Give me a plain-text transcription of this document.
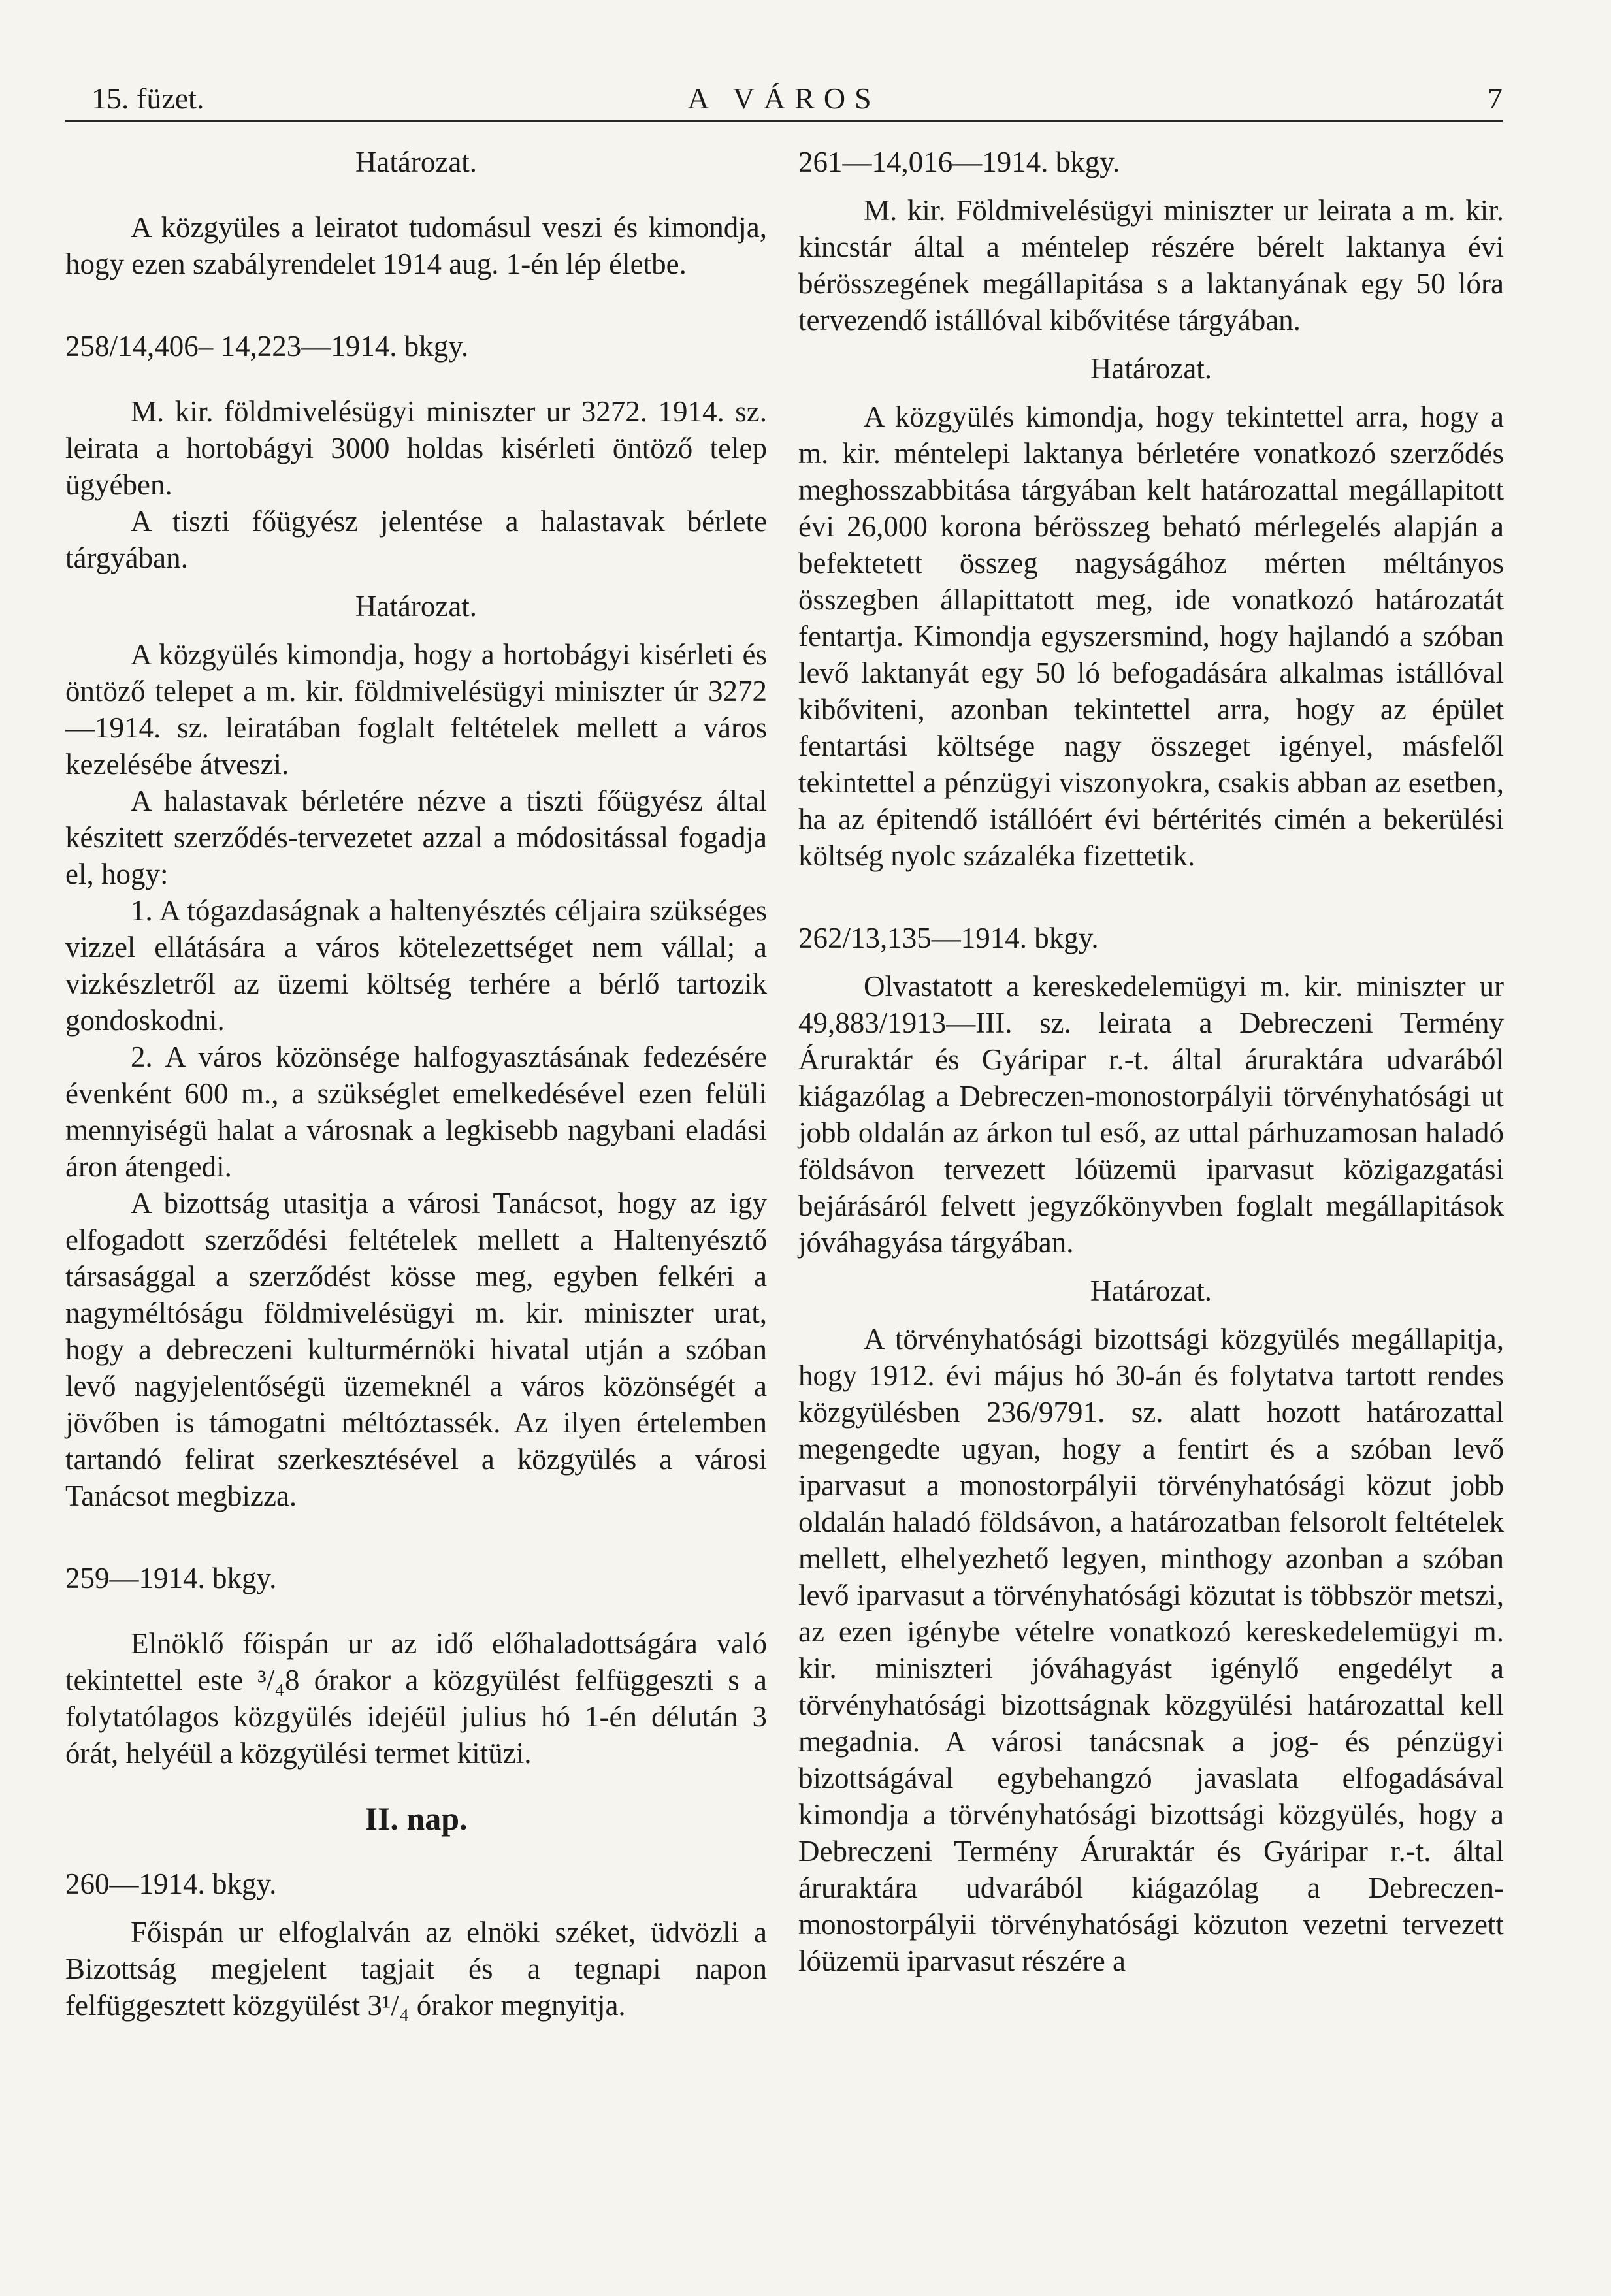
15. füzet.	A VÁROS	7

Határozat.

A közgyüles a leiratot tudomásul veszi és kimondja, hogy ezen szabályrendelet 1914 aug. 1-én lép életbe.

258/14,406– 14,223—1914. bkgy.

M. kir. földmivelésügyi miniszter ur 3272. 1914. sz. leirata a hortobágyi 3000 holdas kisérleti öntöző telep ügyében.

A tiszti főügyész jelentése a halastavak bérlete tárgyában.

Határozat.

A közgyülés kimondja, hogy a hortobágyi kisérleti és öntöző telepet a m. kir. földmivelésügyi miniszter úr 3272—1914. sz. leiratában foglalt feltételek mellett a város kezelésébe átveszi.

A halastavak bérletére nézve a tiszti főügyész által készitett szerződés-tervezetet azzal a módositással fogadja el, hogy:

1. A tógazdaságnak a haltenyésztés céljaira szükséges vizzel ellátására a város kötelezettséget nem vállal; a vizkészletről az üzemi költség terhére a bérlő tartozik gondoskodni.

2. A város közönsége halfogyasztásának fedezésére évenként 600 m., a szükséglet emelkedésével ezen felüli mennyiségü halat a városnak a legkisebb nagybani eladási áron átengedi.

A bizottság utasitja a városi Tanácsot, hogy az igy elfogadott szerződési feltételek mellett a Haltenyésztő társasággal a szerződést kösse meg, egyben felkéri a nagyméltóságu földmivelésügyi m. kir. miniszter urat, hogy a debreczeni kulturmérnöki hivatal utján a szóban levő nagyjelentőségü üzemeknél a város közönségét a jövőben is támogatni méltóztassék. Az ilyen értelemben tartandó felirat szerkesztésével a közgyülés a városi Tanácsot megbizza.

259—1914. bkgy.

Elnöklő főispán ur az idő előhaladottságára való tekintettel este ³/₄8 órakor a közgyülést felfüggeszti s a folytatólagos közgyülés idejéül julius hó 1-én délután 3 órát, helyéül a közgyülési termet kitüzi.

II. nap.

260—1914. bkgy.

Főispán ur elfoglalván az elnöki széket, üdvözli a Bizottság megjelent tagjait és a tegnapi napon felfüggesztett közgyülést 3¹/₄ órakor megnyitja.

261—14,016—1914. bkgy.

M. kir. Földmivelésügyi miniszter ur leirata a m. kir. kincstár által a méntelep részére bérelt laktanya évi bérösszegének megállapitása s a laktanyának egy 50 lóra tervezendő istállóval kibővitése tárgyában.

Határozat.

A közgyülés kimondja, hogy tekintettel arra, hogy a m. kir. méntelepi laktanya bérletére vonatkozó szerződés meghosszabbitása tárgyában kelt határozattal megállapitott évi 26,000 korona bérösszeg beható mérlegelés alapján a befektetett összeg nagyságához mérten méltányos összegben állapittatott meg, ide vonatkozó határozatát fentartja. Kimondja egyszersmind, hogy hajlandó a szóban levő laktanyát egy 50 ló befogadására alkalmas istállóval kibőviteni, azonban tekintettel arra, hogy az épület fentartási költsége nagy összeget igényel, másfelől tekintettel a pénzügyi viszonyokra, csakis abban az esetben, ha az épitendő istállóért évi bértérités cimén a bekerülési költség nyolc százaléka fizettetik.

262/13,135—1914. bkgy.

Olvastatott a kereskedelemügyi m. kir. miniszter ur 49,883/1913—III. sz. leirata a Debreczeni Termény Áruraktár és Gyáripar r.-t. által áruraktára udvarából kiágazólag a Debreczen-monostorpályii törvényhatósági ut jobb oldalán az árkon tul eső, az uttal párhuzamosan haladó földsávon tervezett lóüzemü iparvasut közigazgatási bejárásáról felvett jegyzőkönyvben foglalt megállapitások jóváhagyása tárgyában.

Határozat.

A törvényhatósági bizottsági közgyülés megállapitja, hogy 1912. évi május hó 30-án és folytatva tartott rendes közgyülésben 236/9791. sz. alatt hozott határozattal megengedte ugyan, hogy a fentirt és a szóban levő iparvasut a monostorpályii törvényhatósági közut jobb oldalán haladó földsávon, a határozatban felsorolt feltételek mellett, elhelyezhető legyen, minthogy azonban a szóban levő iparvasut a törvényhatósági közutat is többször metszi, az ezen igénybe vételre vonatkozó kereskedelemügyi m. kir. miniszteri jóváhagyást igénylő engedélyt a törvényhatósági bizottságnak közgyülési határozattal kell megadnia. A városi tanácsnak a jog- és pénzügyi bizottságával egybehangzó javaslata elfogadásával kimondja a törvényhatósági bizottsági közgyülés, hogy a Debreczeni Termény Áruraktár és Gyáripar r.-t. által áruraktára udvarából kiágazólag a Debreczen-monostorpályii törvényhatósági közuton vezetni tervezett lóüzemü iparvasut részére a
